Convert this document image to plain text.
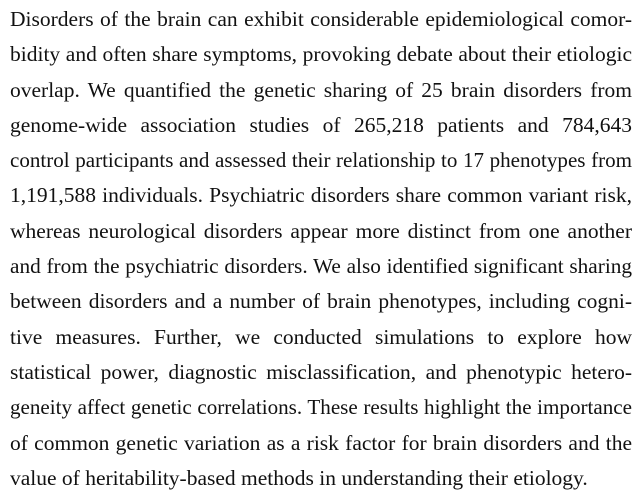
Disorders of the brain can exhibit considerable epidemiological comor-
bidity and often share symptoms, provoking debate about their etiologic
overlap. We quantified the genetic sharing of 25 brain disorders from
genome-wide association studies of 265,218 patients and 784,643
control participants and assessed their relationship to 17 phenotypes from
1,191,588 individuals. Psychiatric disorders share common variant risk,
whereas neurological disorders appear more distinct from one another
and from the psychiatric disorders. We also identified significant sharing
between disorders and a number of brain phenotypes, including cogni-
tive measures. Further, we conducted simulations to explore how
statistical power, diagnostic misclassification, and phenotypic hetero-
geneity affect genetic correlations. These results highlight the importance
of common genetic variation as a risk factor for brain disorders and the
value of heritability-based methods in understanding their etiology.
